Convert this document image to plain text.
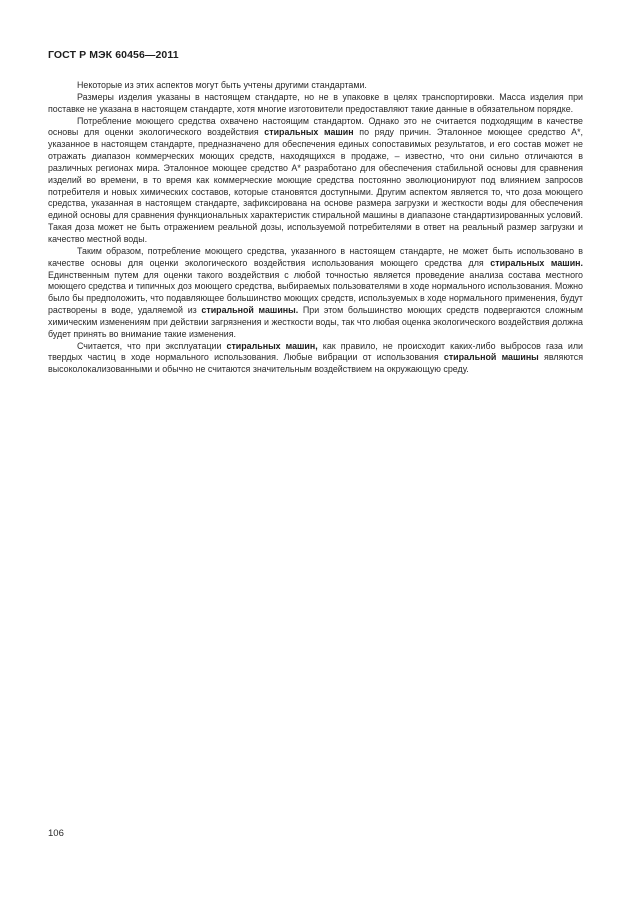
ГОСТ Р МЭК 60456—2011

Некоторые из этих аспектов могут быть учтены другими стандартами.

Размеры изделия указаны в настоящем стандарте, но не в упаковке в целях транспортировки. Масса изделия при поставке не указана в настоящем стандарте, хотя многие изготовители предоставляют такие данные в обязательном порядке.

Потребление моющего средства охвачено настоящим стандартом. Однако это не считается подходящим в качестве основы для оценки экологического воздействия стиральных машин по ряду причин. Эталонное моющее средство А*, указанное в настоящем стандарте, предназначено для обеспечения единых сопоставимых результатов, и его состав может не отражать диапазон коммерческих моющих средств, находящихся в продаже, – известно, что они сильно отличаются в различных регионах мира. Эталонное моющее средство А* разработано для обеспечения стабильной основы для сравнения изделий во времени, в то время как коммерческие моющие средства постоянно эволюционируют под влиянием запросов потребителя и новых химических составов, которые становятся доступными. Другим аспектом является то, что доза моющего средства, указанная в настоящем стандарте, зафиксирована на основе размера загрузки и жесткости воды для обеспечения единой основы для сравнения функциональных характеристик стиральной машины в диапазоне стандартизированных условий. Такая доза может не быть отражением реальной дозы, используемой потребителями в ответ на реальный размер загрузки и качество местной воды.

Таким образом, потребление моющего средства, указанного в настоящем стандарте, не может быть использовано в качестве основы для оценки экологического воздействия использования моющего средства для стиральных машин. Единственным путем для оценки такого воздействия с любой точностью является проведение анализа состава местного моющего средства и типичных доз моющего средства, выбираемых пользователями в ходе нормального использования. Можно было бы предположить, что подавляющее большинство моющих средств, используемых в ходе нормального применения, будут растворены в воде, удаляемой из стиральной машины. При этом большинство моющих средств подвергаются сложным химическим изменениям при действии загрязнения и жесткости воды, так что любая оценка экологического воздействия должна будет принять во внимание такие изменения.

Считается, что при эксплуатации стиральных машин, как правило, не происходит каких-либо выбросов газа или твердых частиц в ходе нормального использования. Любые вибрации от использования стиральной машины являются высоколокализованными и обычно не считаются значительным воздействием на окружающую среду.

106
